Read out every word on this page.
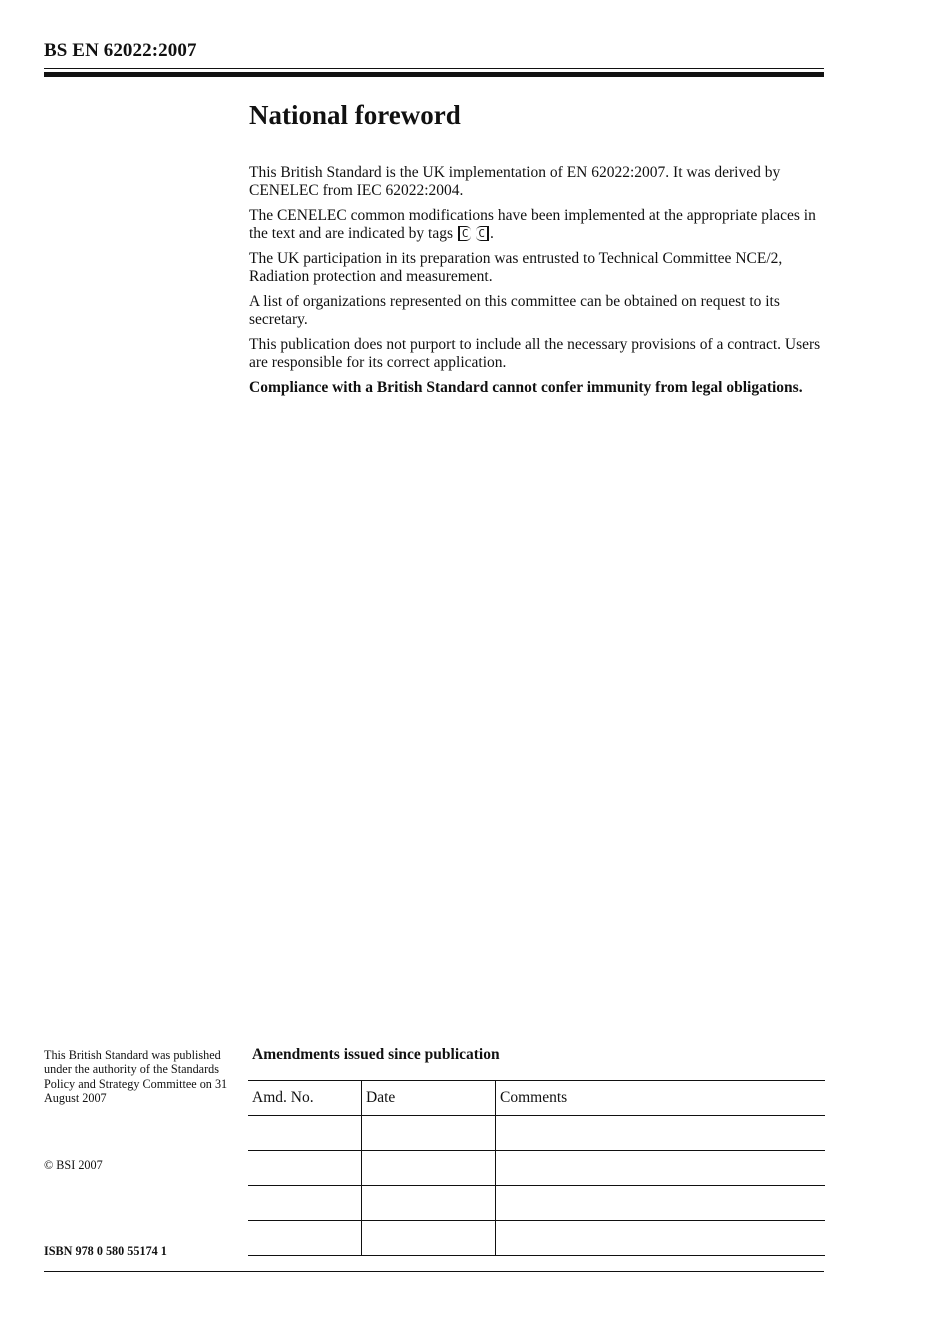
BS EN 62022:2007
National foreword

This British Standard is the UK implementation of EN 62022:2007. It was derived by CENELEC from IEC 62022:2004.

The CENELEC common modifications have been implemented at the appropriate places in the text and are indicated by tags C C .

The UK participation in its preparation was entrusted to Technical Committee NCE/2, Radiation protection and measurement.

A list of organizations represented on this committee can be obtained on request to its secretary.

This publication does not purport to include all the necessary provisions of a contract. Users are responsible for its correct application.

Compliance with a British Standard cannot confer immunity from legal obligations.

This British Standard was published under the authority of the Standards Policy and Strategy Committee on 31 August 2007
© BSI 2007
ISBN 978 0 580 55174 1
Amendments issued since publication
Amd. No.	Date	Comments
